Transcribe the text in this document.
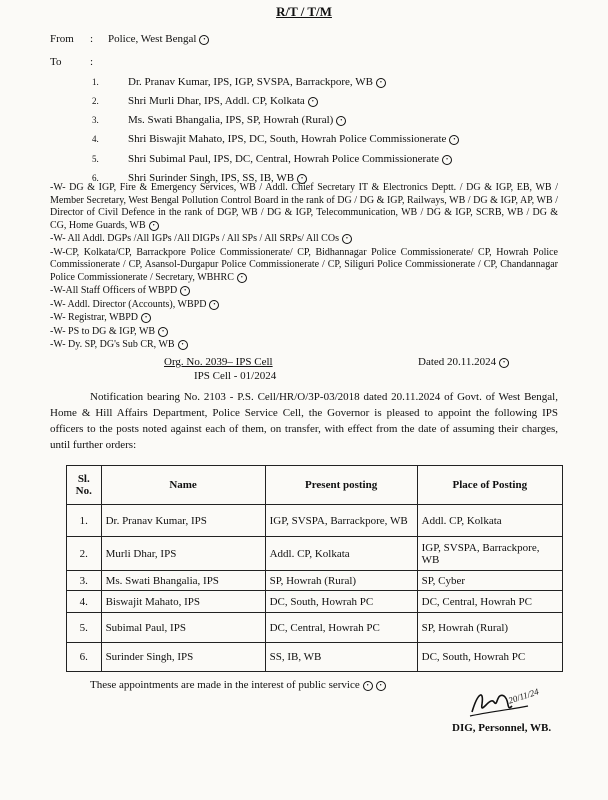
R/T / T/M
From : Police, West Bengal •
To	:
1.	Dr. Pranav Kumar, IPS, IGP, SVSPA, Barrackpore, WB •
2.	Shri Murli Dhar, IPS, Addl. CP, Kolkata •
3.	Ms. Swati Bhangalia, IPS, SP, Howrah (Rural) •
4.	Shri Biswajit Mahato, IPS, DC, South, Howrah Police Commissionerate •
5.	Shri Subimal Paul, IPS, DC, Central, Howrah Police Commissionerate •
6.	Shri Surinder Singh, IPS, SS, IB, WB •
-W- DG & IGP, Fire & Emergency Services, WB / Addl. Chief Secretary IT & Electronics Deptt. / DG & IGP, EB, WB / Member Secretary, West Bengal Pollution Control Board in the rank of DG / DG & IGP, Railways, WB / DG & IGP, AP, WB / Director of Civil Defence in the rank of DGP, WB / DG & IGP, Telecommunication, WB / DG & IGP, SCRB, WB / DG & CG, Home Guards, WB •
-W- All Addl. DGPs /All IGPs /All DIGPs / All SPs / All SRPs/ All COs •
-W-CP, Kolkata/CP, Barrackpore Police Commissionerate/ CP, Bidhannagar Police Commissionerate/ CP, Howrah Police Commissionerate / CP, Asansol-Durgapur Police Commissionerate / CP, Siliguri Police Commissionerate / CP, Chandannagar Police Commissionerate / Secretary, WBHRC •
-W-All Staff Officers of WBPD •
-W- Addl. Director (Accounts), WBPD •
-W- Registrar, WBPD •
-W- PS to DG & IGP, WB •
-W- Dy. SP, DG's Sub CR, WB •
Org. No. 2039– IPS Cell
IPS Cell - 01/2024
Dated 20.11.2024 •
Notification bearing No. 2103 - P.S. Cell/HR/O/3P-03/2018 dated 20.11.2024 of Govt. of West Bengal, Home & Hill Affairs Department, Police Service Cell, the Governor is pleased to appoint the following IPS officers to the posts noted against each of them, on transfer, with effect from the date of assuming their charges, until further orders:
Sl. No.	Name	Present posting	Place of Posting
1.	Dr. Pranav Kumar, IPS	IGP, SVSPA, Barrackpore, WB	Addl. CP, Kolkata
2.	Murli Dhar, IPS	Addl. CP, Kolkata	IGP, SVSPA, Barrackpore, WB
3.	Ms. Swati Bhangalia, IPS	SP, Howrah (Rural)	SP, Cyber
4.	Biswajit Mahato, IPS	DC, South, Howrah PC	DC, Central, Howrah PC
5.	Subimal Paul, IPS	DC, Central, Howrah PC	SP, Howrah (Rural)
6.	Surinder Singh, IPS	SS, IB, WB	DC, South, Howrah PC
These appointments are made in the interest of public service • •
20/11/24
DIG, Personnel, WB.
